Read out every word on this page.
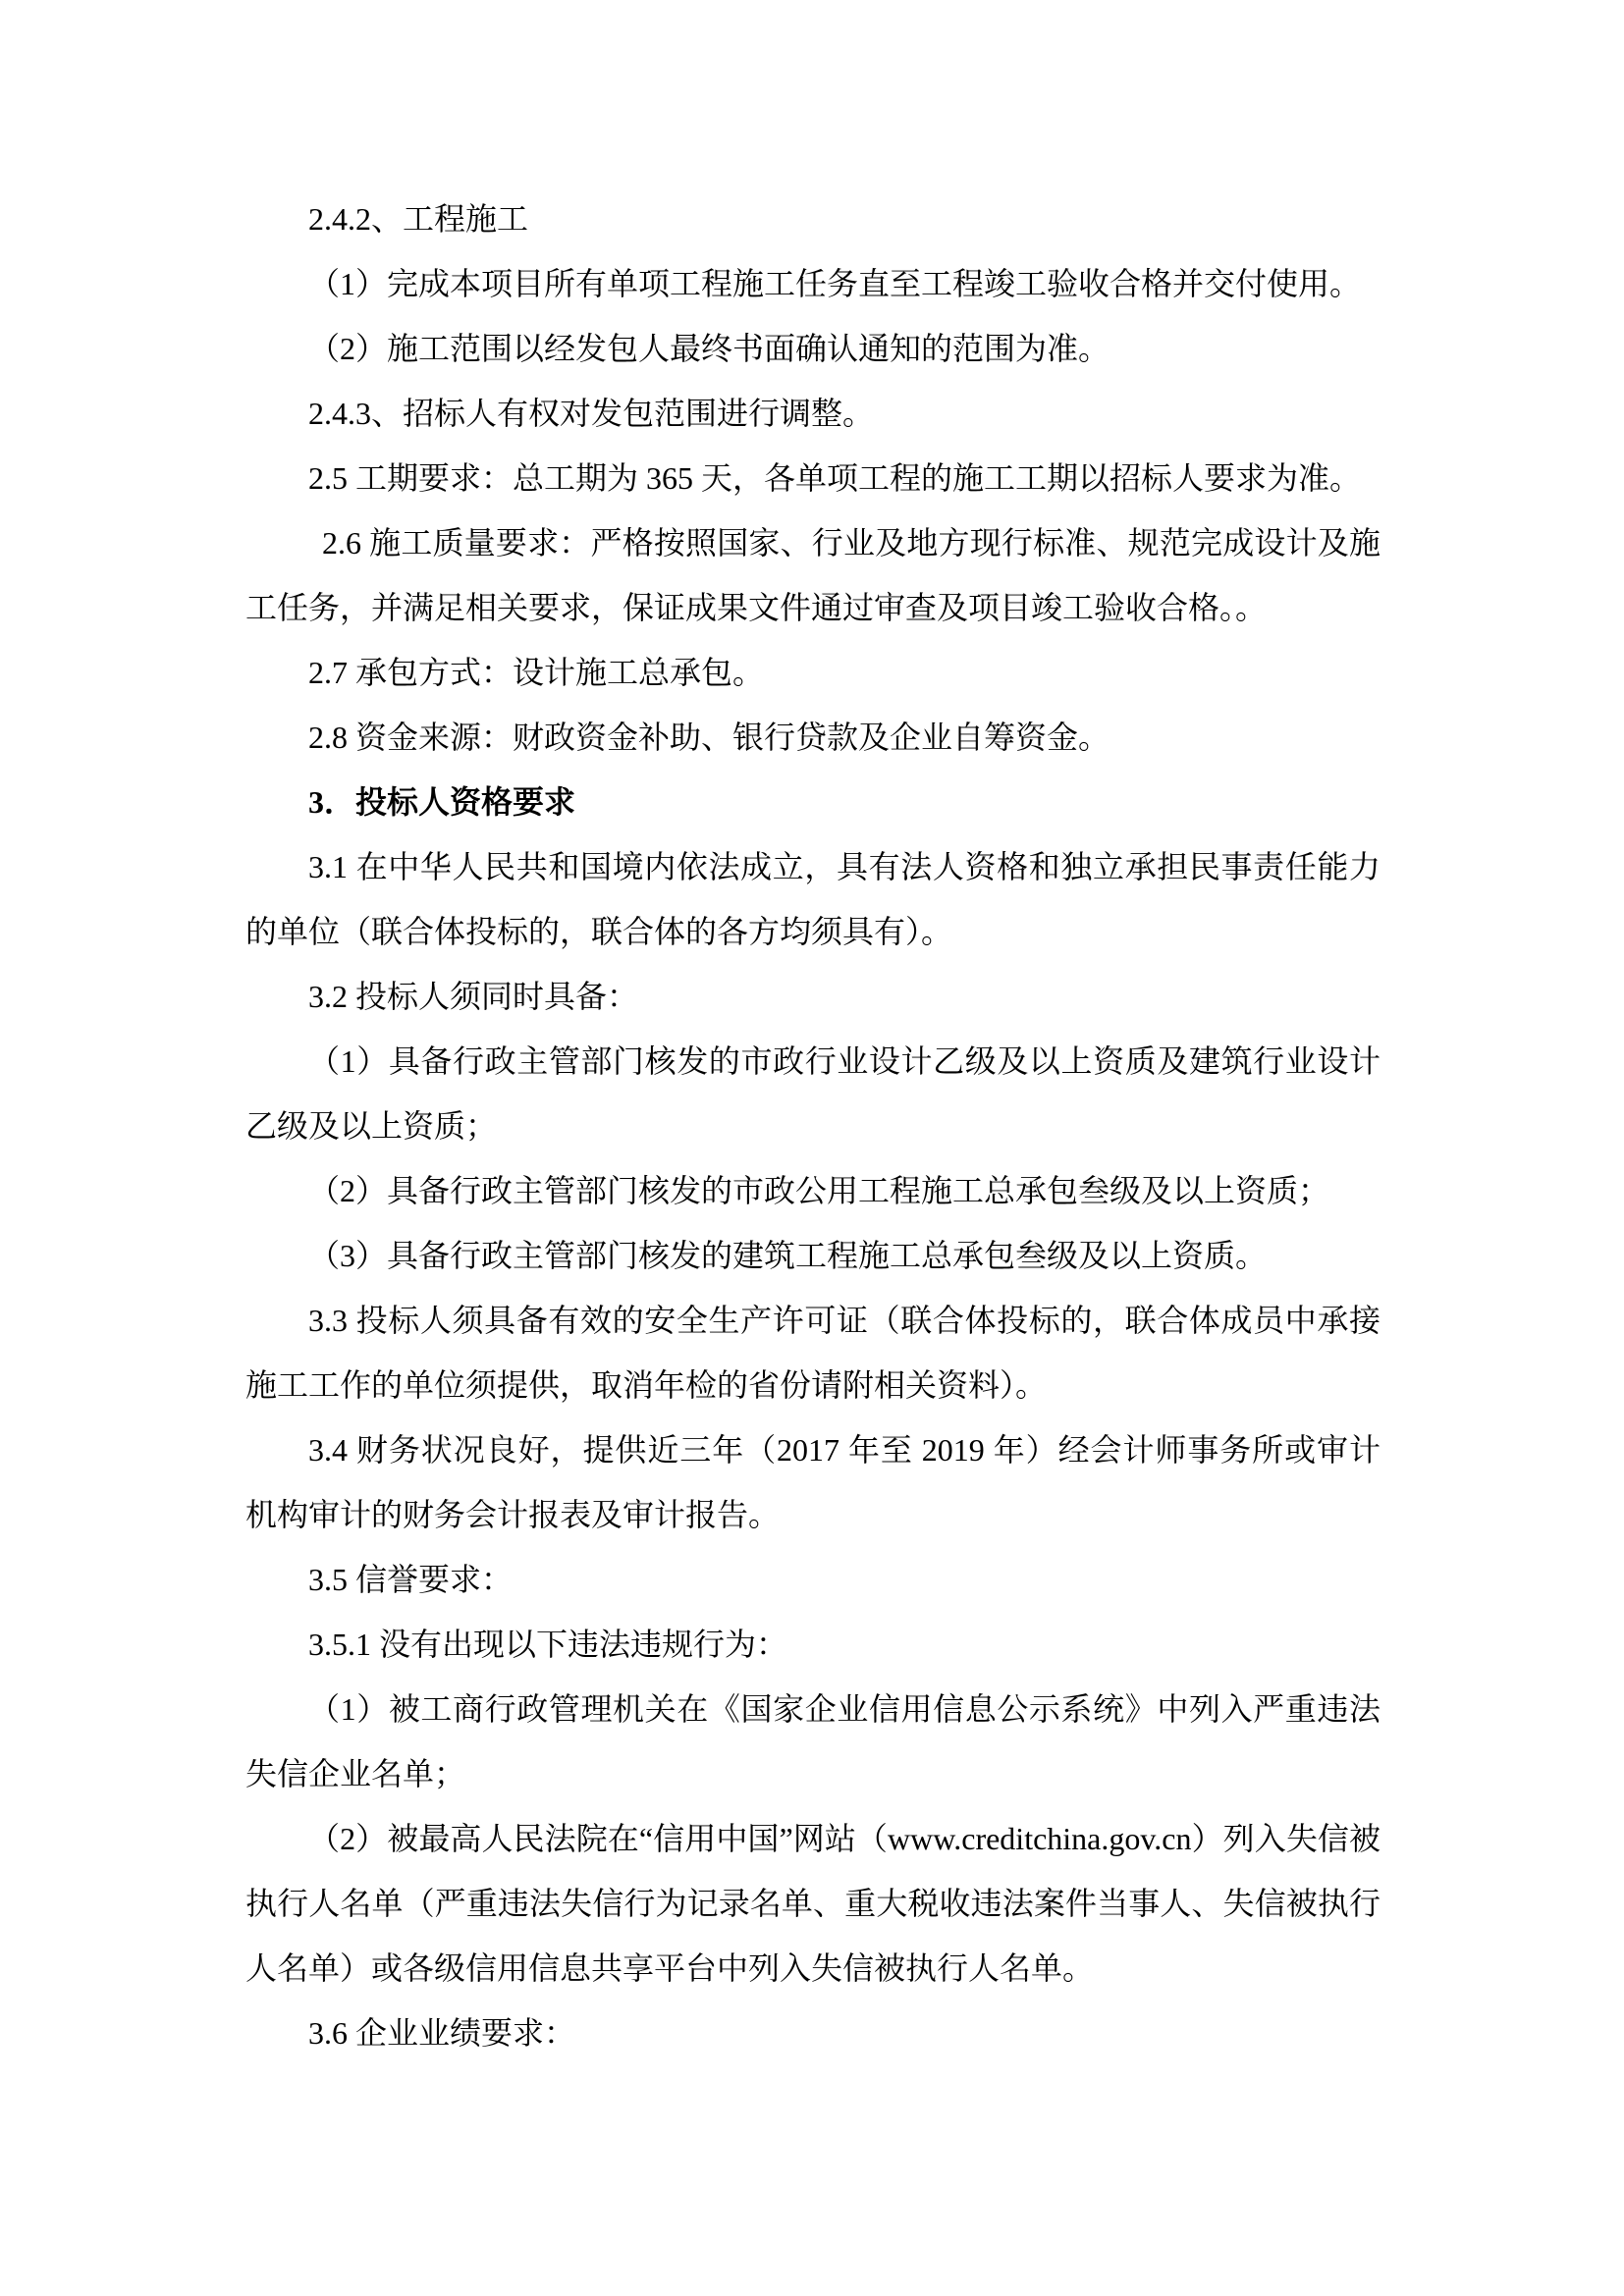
2.4.2、工程施工

（1）完成本项目所有单项工程施工任务直至工程竣工验收合格并交付使用。

（2）施工范围以经发包人最终书面确认通知的范围为准。

2.4.3、招标人有权对发包范围进行调整。

2.5 工期要求：总工期为 365 天，各单项工程的施工工期以招标人要求为准。

2.6 施工质量要求：严格按照国家、行业及地方现行标准、规范完成设计及施工任务，并满足相关要求，保证成果文件通过审查及项目竣工验收合格。。

2.7 承包方式：设计施工总承包。

2.8 资金来源：财政资金补助、银行贷款及企业自筹资金。

3．投标人资格要求

3.1 在中华人民共和国境内依法成立，具有法人资格和独立承担民事责任能力的单位（联合体投标的，联合体的各方均须具有）。

3.2 投标人须同时具备：

（1）具备行政主管部门核发的市政行业设计乙级及以上资质及建筑行业设计乙级及以上资质；

（2）具备行政主管部门核发的市政公用工程施工总承包叁级及以上资质；

（3）具备行政主管部门核发的建筑工程施工总承包叁级及以上资质。

3.3 投标人须具备有效的安全生产许可证（联合体投标的，联合体成员中承接施工工作的单位须提供，取消年检的省份请附相关资料）。

3.4 财务状况良好，提供近三年（2017 年至 2019 年）经会计师事务所或审计机构审计的财务会计报表及审计报告。

3.5 信誉要求：

3.5.1 没有出现以下违法违规行为：

（1）被工商行政管理机关在《国家企业信用信息公示系统》中列入严重违法失信企业名单；

（2）被最高人民法院在“信用中国”网站（www.creditchina.gov.cn）列入失信被执行人名单（严重违法失信行为记录名单、重大税收违法案件当事人、失信被执行人名单）或各级信用信息共享平台中列入失信被执行人名单。

3.6 企业业绩要求：
